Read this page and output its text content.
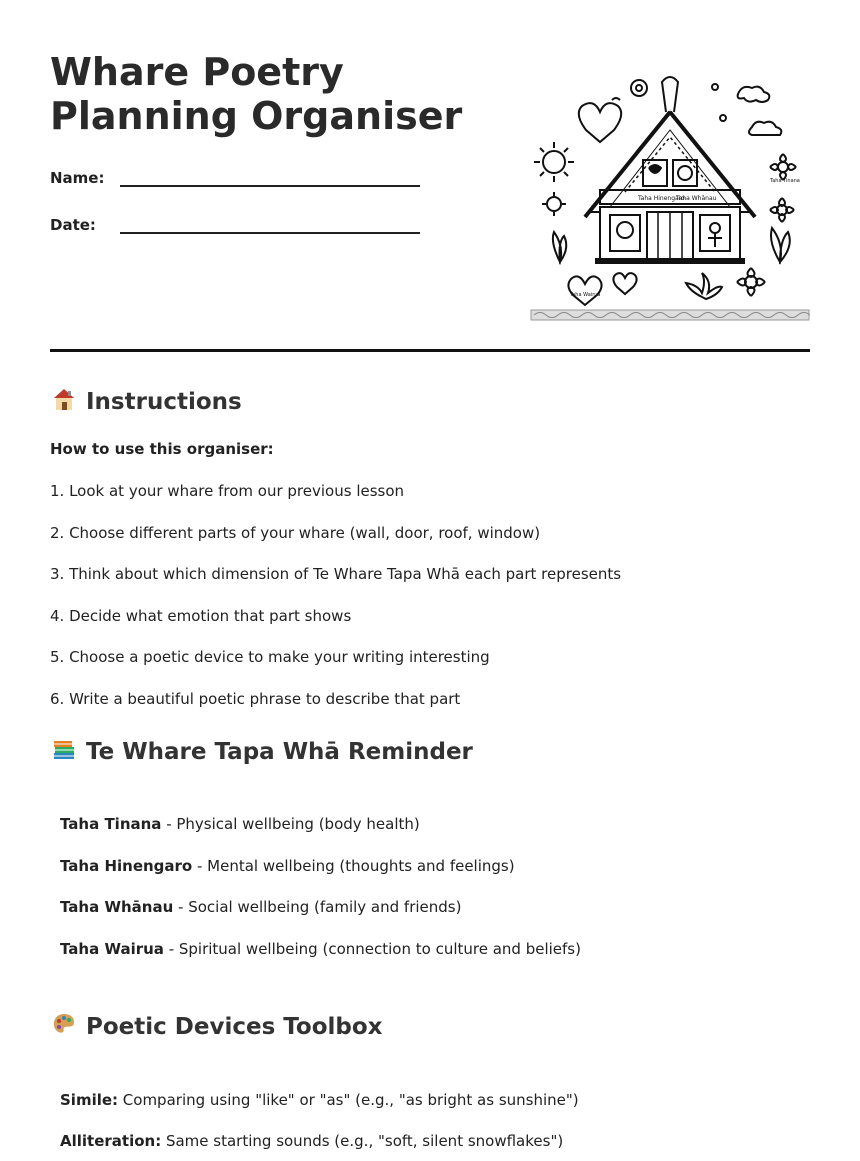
Whare Poetry Planning Organiser
Name:
Date:
Taha Hinengaro
Taha Whānau
Taha Wairua
Taha Tinana
Instructions

How to use this organiser:

1. Look at your whare from our previous lesson

2. Choose different parts of your whare (wall, door, roof, window)

3. Think about which dimension of Te Whare Tapa Whā each part represents

4. Decide what emotion that part shows

5. Choose a poetic device to make your writing interesting

6. Write a beautiful poetic phrase to describe that part

Te Whare Tapa Whā Reminder

Taha Tinana - Physical wellbeing (body health)

Taha Hinengaro - Mental wellbeing (thoughts and feelings)

Taha Whānau - Social wellbeing (family and friends)

Taha Wairua - Spiritual wellbeing (connection to culture and beliefs)

Poetic Devices Toolbox

Simile: Comparing using "like" or "as" (e.g., "as bright as sunshine")

Alliteration: Same starting sounds (e.g., "soft, silent snowflakes")
